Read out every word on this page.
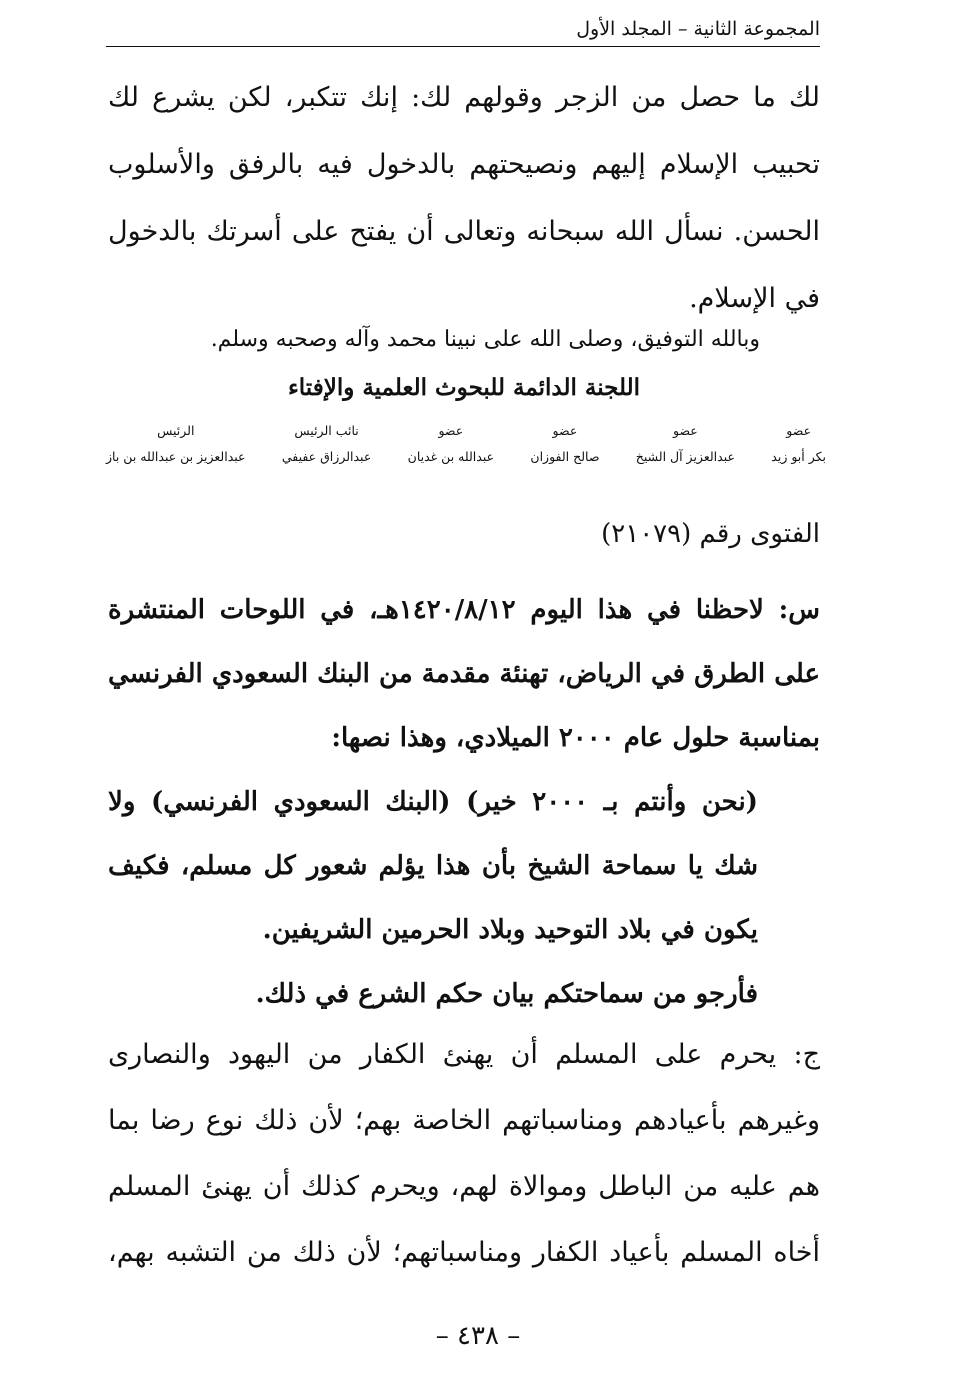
المجموعة الثانية – المجلد الأول

لك ما حصل من الزجر وقولهم لك: إنك تتكبر، لكن يشرع لك تحبيب الإسلام إليهم ونصيحتهم بالدخول فيه بالرفق والأسلوب الحسن. نسأل الله سبحانه وتعالى أن يفتح على أسرتك بالدخول في الإسلام.

وبالله التوفيق، وصلى الله على نبينا محمد وآله وصحبه وسلم.
اللجنة الدائمة للبحوث العلمية والإفتاء
عضو
بكر أبو زيد
عضو
عبدالعزيز آل الشيخ
عضو
صالح الفوزان
عضو
عبدالله بن غديان
نائب الرئيس
عبدالرزاق عفيفي
الرئيس
عبدالعزيز بن عبدالله بن باز
الفتوى رقم (٢١٠٧٩)
س: لاحظنا في هذا اليوم ١٤٢٠/٨/١٢هـ، في اللوحات المنتشرة على الطرق في الرياض، تهنئة مقدمة من البنك السعودي الفرنسي بمناسبة حلول عام ٢٠٠٠ الميلادي، وهذا نصها:
(نحن وأنتم بـ ٢٠٠٠ خير) (البنك السعودي الفرنسي) ولا شك يا سماحة الشيخ بأن هذا يؤلم شعور كل مسلم، فكيف يكون في بلاد التوحيد وبلاد الحرمين الشريفين.
فأرجو من سماحتكم بيان حكم الشرع في ذلك.

ج: يحرم على المسلم أن يهنئ الكفار من اليهود والنصارى وغيرهم بأعيادهم ومناسباتهم الخاصة بهم؛ لأن ذلك نوع رضا بما هم عليه من الباطل وموالاة لهم، ويحرم كذلك أن يهنئ المسلم أخاه المسلم بأعياد الكفار ومناسباتهم؛ لأن ذلك من التشبه بهم،

– ٤٣٨ –
